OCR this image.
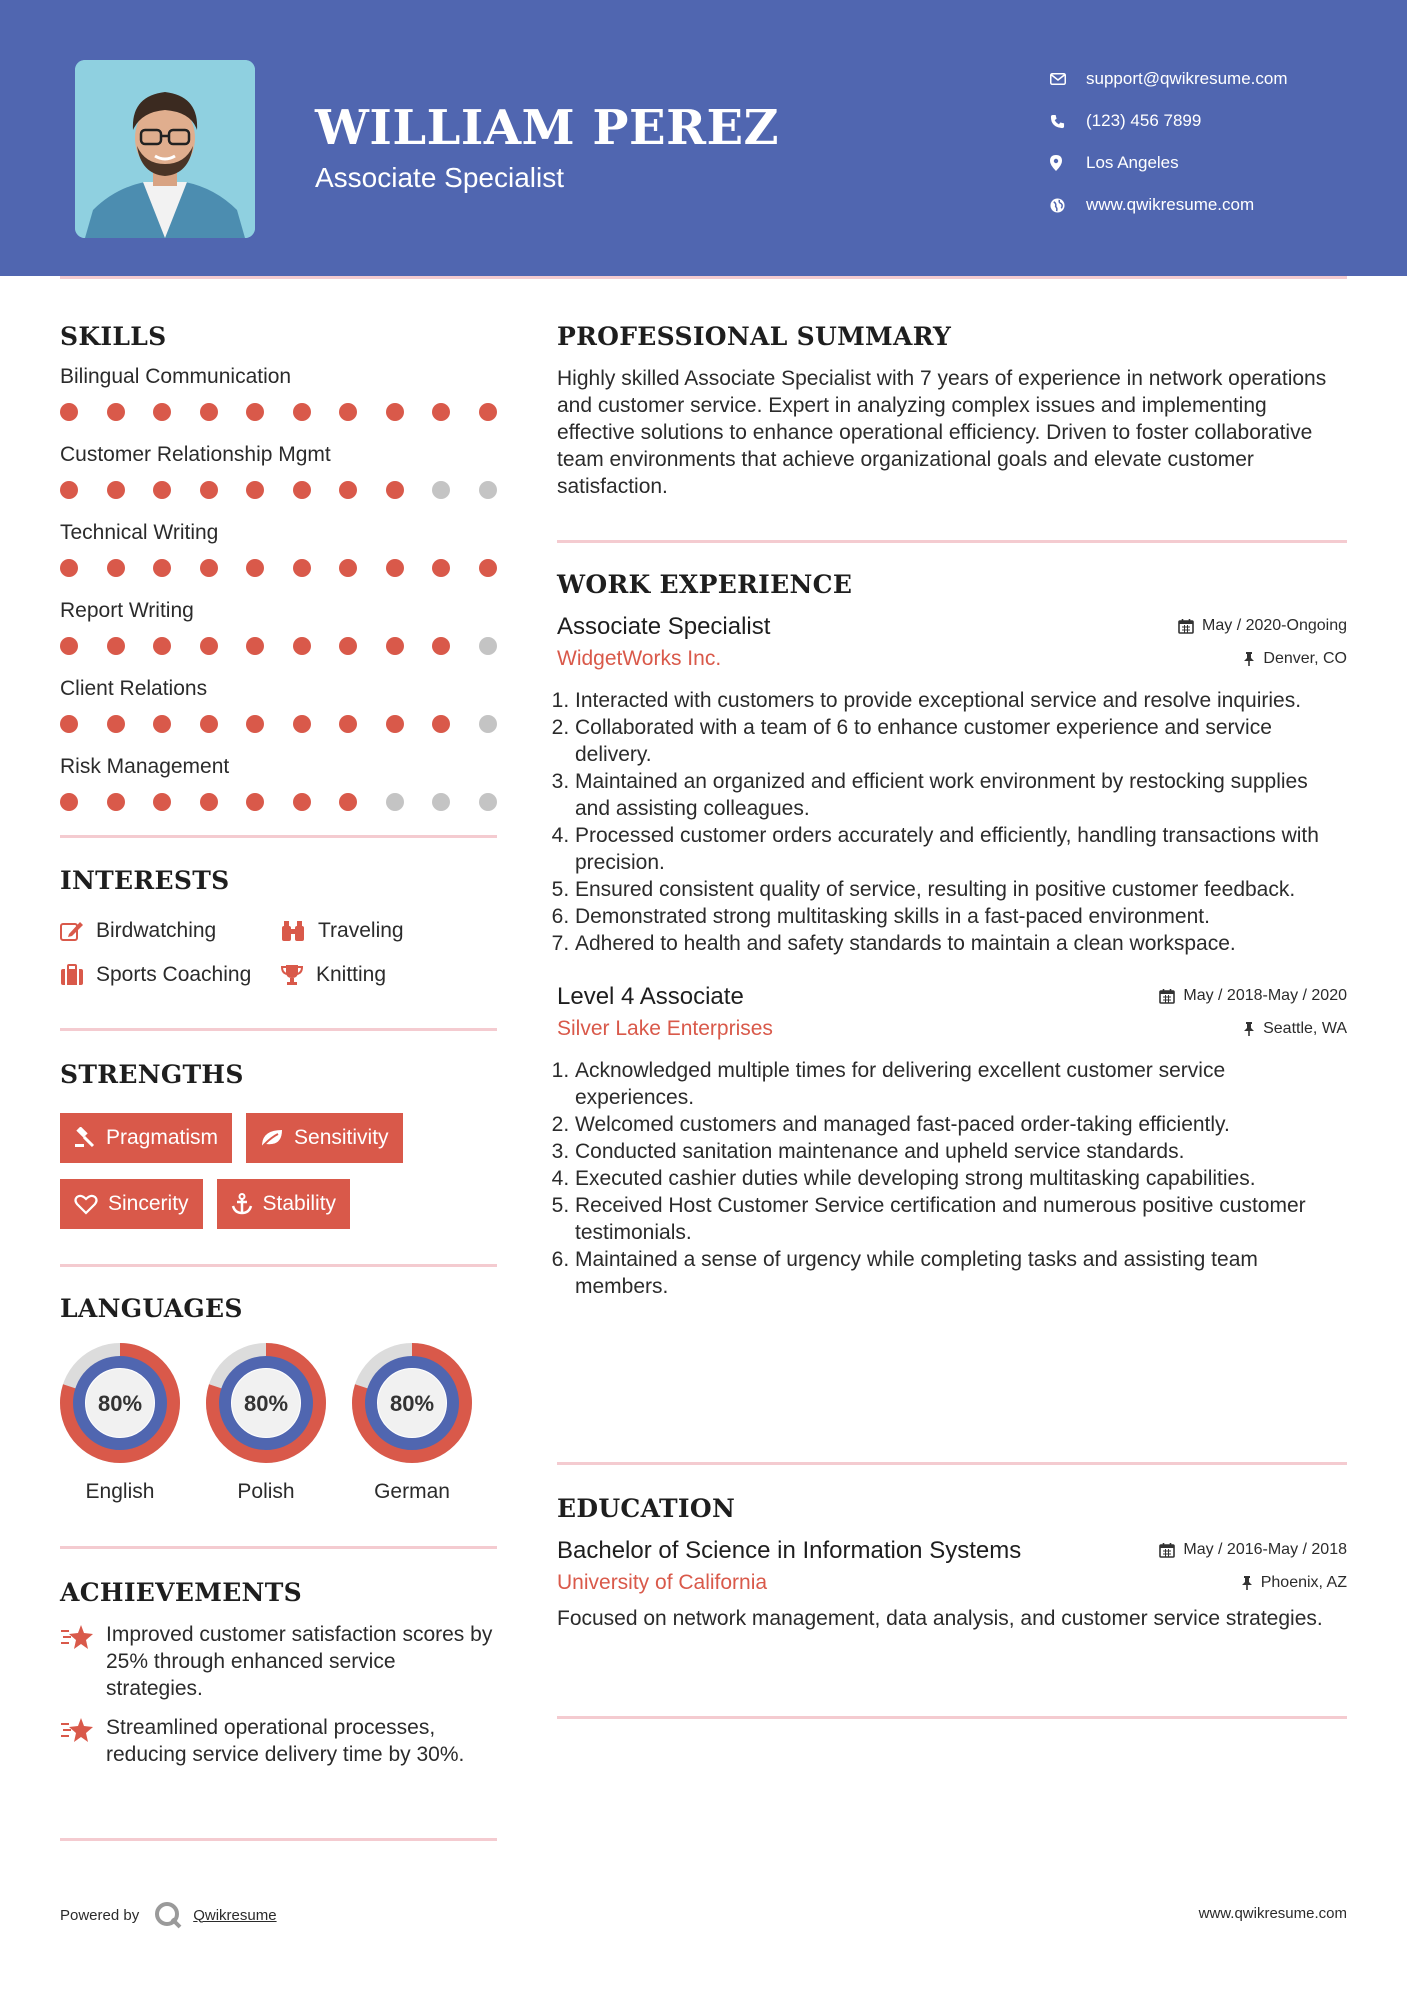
WILLIAM PEREZ
Associate Specialist
support@qwikresume.com
(123) 456 7899
Los Angeles
www.qwikresume.com
SKILLS
Bilingual Communication
Customer Relationship Mgmt
Technical Writing
Report Writing
Client Relations
Risk Management
INTERESTS
Birdwatching	Traveling
Sports Coaching	Knitting
STRENGTHS
Pragmatism	Sensitivity
Sincerity	Stability
LANGUAGES
80%
English
80%
Polish
80%
German
ACHIEVEMENTS
Improved customer satisfaction scores by 25% through enhanced service strategies.
Streamlined operational processes, reducing service delivery time by 30%.
PROFESSIONAL SUMMARY
Highly skilled Associate Specialist with 7 years of experience in network operations and customer service. Expert in analyzing complex issues and implementing effective solutions to enhance operational efficiency. Driven to foster collaborative team environments that achieve organizational goals and elevate customer satisfaction.
WORK EXPERIENCE
Associate Specialist	May / 2020-Ongoing
WidgetWorks Inc.	Denver, CO
1. Interacted with customers to provide exceptional service and resolve inquiries.
2. Collaborated with a team of 6 to enhance customer experience and service delivery.
3. Maintained an organized and efficient work environment by restocking supplies and assisting colleagues.
4. Processed customer orders accurately and efficiently, handling transactions with precision.
5. Ensured consistent quality of service, resulting in positive customer feedback.
6. Demonstrated strong multitasking skills in a fast-paced environment.
7. Adhered to health and safety standards to maintain a clean workspace.
Level 4 Associate	May / 2018-May / 2020
Silver Lake Enterprises	Seattle, WA
1. Acknowledged multiple times for delivering excellent customer service experiences.
2. Welcomed customers and managed fast-paced order-taking efficiently.
3. Conducted sanitation maintenance and upheld service standards.
4. Executed cashier duties while developing strong multitasking capabilities.
5. Received Host Customer Service certification and numerous positive customer testimonials.
6. Maintained a sense of urgency while completing tasks and assisting team members.
EDUCATION
Bachelor of Science in Information Systems	May / 2016-May / 2018
University of California	Phoenix, AZ
Focused on network management, data analysis, and customer service strategies.
Powered by	Qwikresume	www.qwikresume.com
